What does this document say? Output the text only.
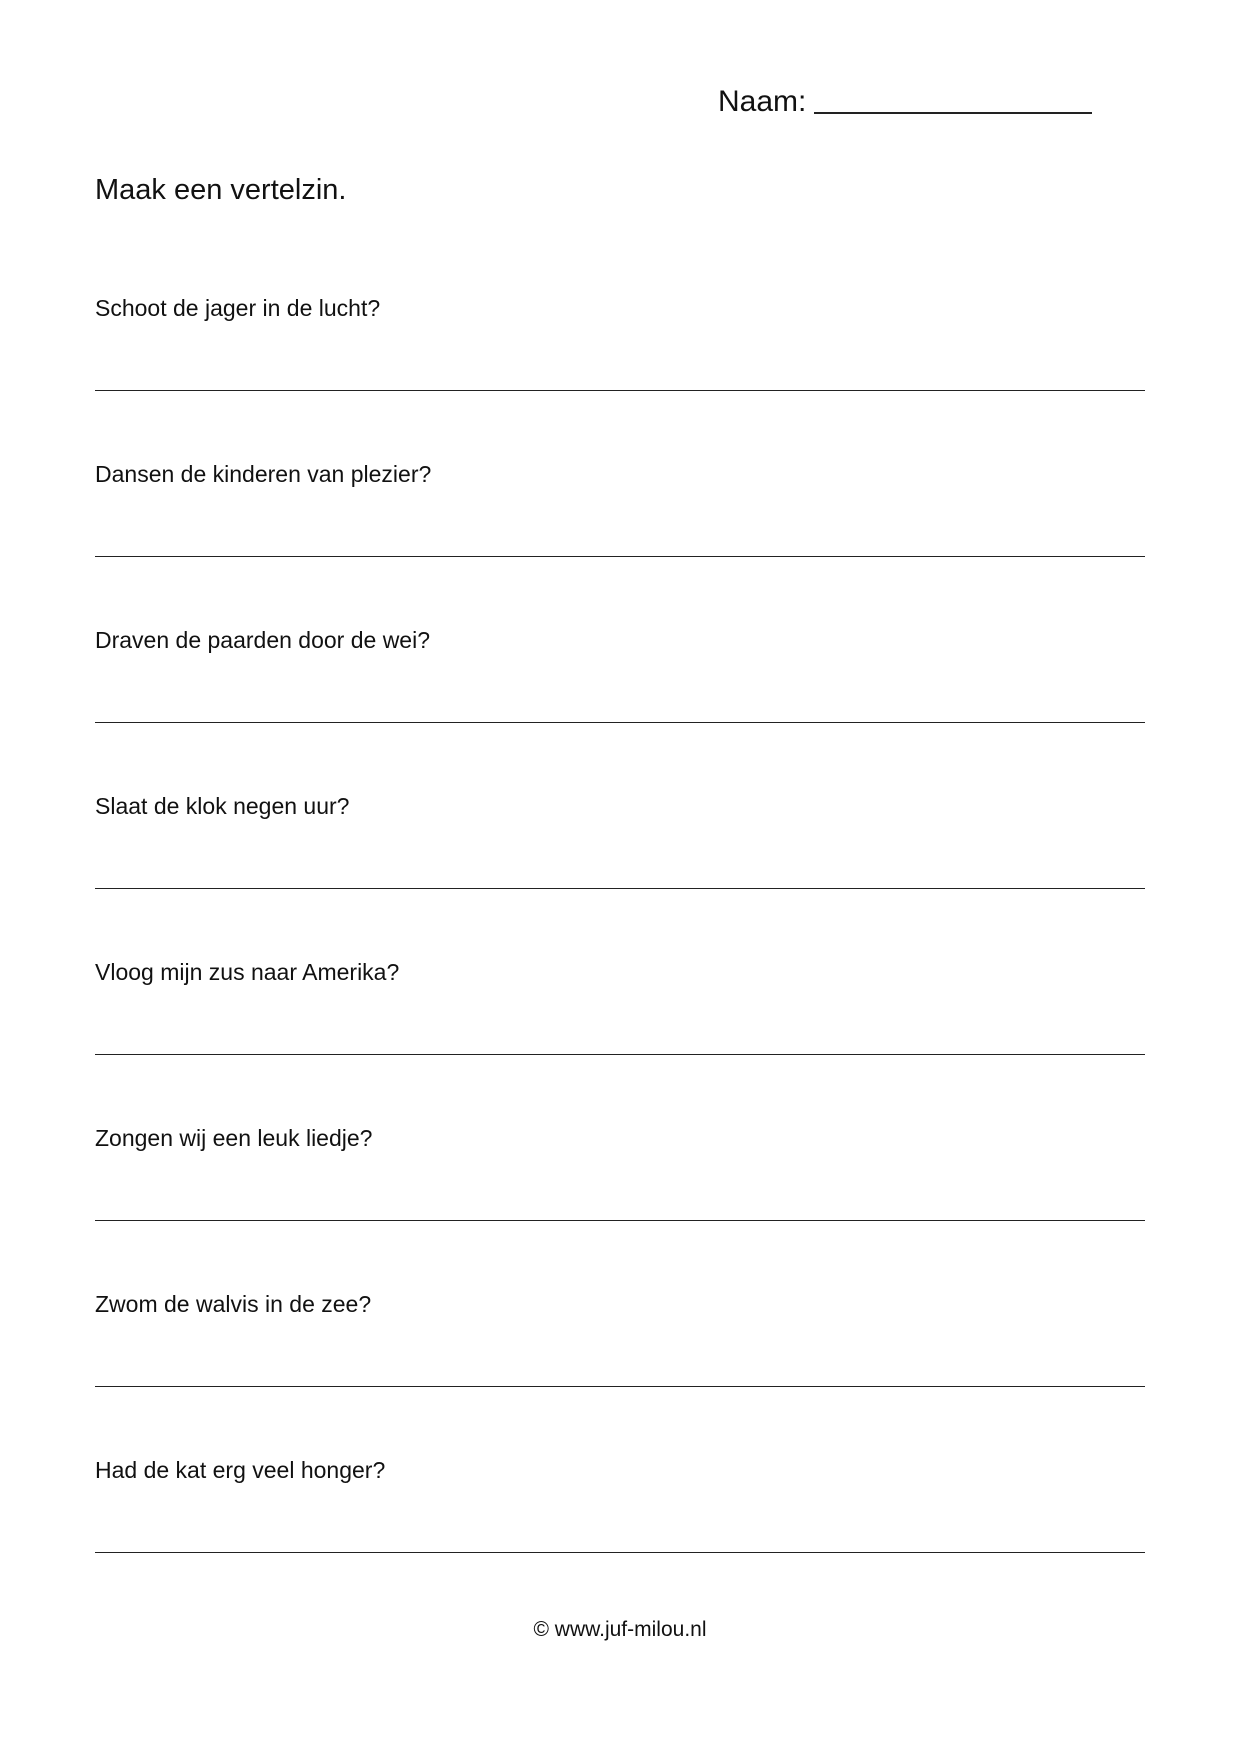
Naam:
Maak een vertelzin.
Schoot de jager in de lucht?
Dansen de kinderen van plezier?
Draven de paarden door de wei?
Slaat de klok negen uur?
Vloog mijn zus naar Amerika?
Zongen wij een leuk liedje?
Zwom de walvis in de zee?
Had de kat erg veel honger?
© www.juf-milou.nl
